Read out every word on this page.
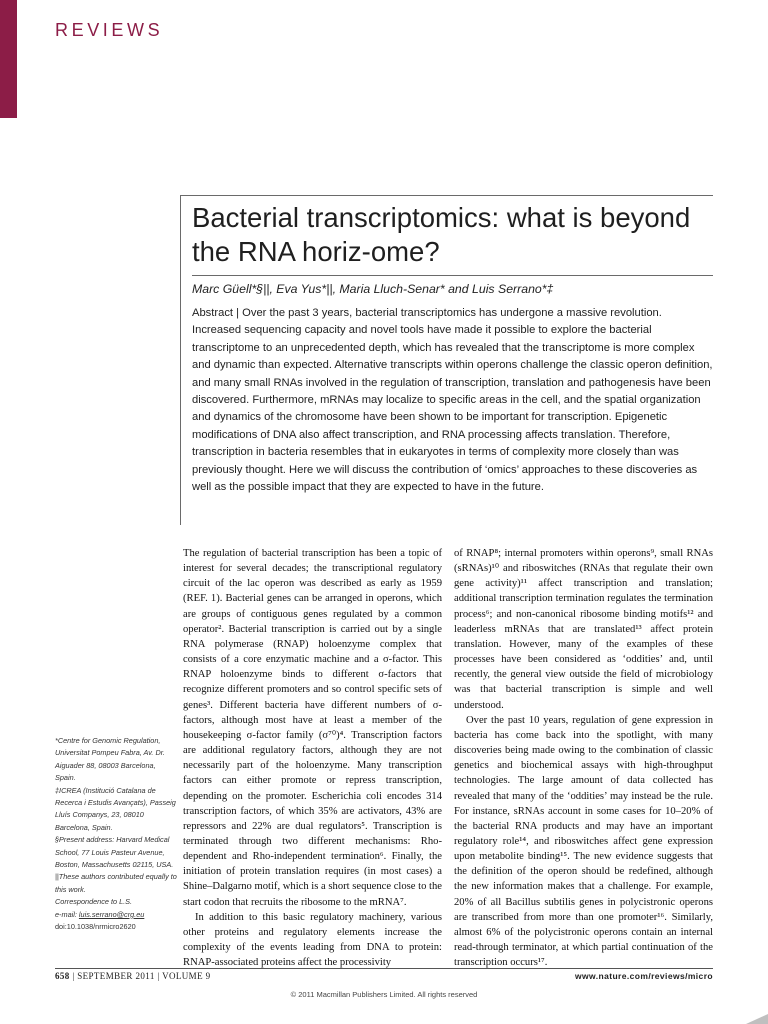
REVIEWS
Bacterial transcriptomics: what is beyond the RNA horiz-ome?
Marc Güell*§||, Eva Yus*||, Maria Lluch-Senar* and Luis Serrano*‡
Abstract | Over the past 3 years, bacterial transcriptomics has undergone a massive revolution. Increased sequencing capacity and novel tools have made it possible to explore the bacterial transcriptome to an unprecedented depth, which has revealed that the transcriptome is more complex and dynamic than expected. Alternative transcripts within operons challenge the classic operon definition, and many small RNAs involved in the regulation of transcription, translation and pathogenesis have been discovered. Furthermore, mRNAs may localize to specific areas in the cell, and the spatial organization and dynamics of the chromosome have been shown to be important for transcription. Epigenetic modifications of DNA also affect transcription, and RNA processing affects translation. Therefore, transcription in bacteria resembles that in eukaryotes in terms of complexity more closely than was previously thought. Here we will discuss the contribution of ‘omics’ approaches to these discoveries as well as the possible impact that they are expected to have in the future.
*Centre for Genomic Regulation, Universitat Pompeu Fabra, Av. Dr. Aiguader 88, 08003 Barcelona, Spain.
‡ICREA (Institució Catalana de Recerca i Estudis Avançats), Passeig Lluís Companys, 23, 08010 Barcelona, Spain.
§Present address: Harvard Medical School, 77 Louis Pasteur Avenue, Boston, Massachusetts 02115, USA.
||These authors contributed equally to this work.
Correspondence to L.S.
e-mail: luis.serrano@crg.eu
doi:10.1038/nrmicro2620

The regulation of bacterial transcription has been a topic of interest for several decades; the transcriptional regulatory circuit of the lac operon was described as early as 1959 (REF. 1). Bacterial genes can be arranged in operons, which are groups of contiguous genes regulated by a common operator². Bacterial transcription is carried out by a single RNA polymerase (RNAP) holoenzyme complex that consists of a core enzymatic machine and a σ-factor. This RNAP holoenzyme binds to different σ-factors that recognize different promoters and so control specific sets of genes³. Different bacteria have different numbers of σ-factors, although most have at least a member of the housekeeping σ-factor family (σ⁷⁰)⁴. Transcription factors are additional regulatory factors, although they are not necessarily part of the holoenzyme. Many transcription factors can either promote or repress transcription, depending on the promoter. Escherichia coli encodes 314 transcription factors, of which 35% are activators, 43% are repressors and 22% are dual regulators⁵. Transcription is terminated through two different mechanisms: Rho-dependent and Rho-independent termination⁶. Finally, the initiation of protein translation requires (in most cases) a Shine–Dalgarno motif, which is a short sequence close to the start codon that recruits the ribosome to the mRNA⁷.

In addition to this basic regulatory machinery, various other proteins and regulatory elements increase the complexity of the events leading from DNA to protein: RNAP-associated proteins affect the processivity

of RNAP⁸; internal promoters within operons⁹, small RNAs (sRNAs)¹⁰ and riboswitches (RNAs that regulate their own gene activity)¹¹ affect transcription and translation; additional transcription termination regulates the termination process⁶; and non-canonical ribosome binding motifs¹² and leaderless mRNAs that are translated¹³ affect protein translation. However, many of the examples of these processes have been considered as ‘oddities’ and, until recently, the general view outside the field of microbiology was that bacterial transcription is simple and well understood.

Over the past 10 years, regulation of gene expression in bacteria has come back into the spotlight, with many discoveries being made owing to the combination of classic genetics and biochemical assays with high-throughput technologies. The large amount of data collected has revealed that many of the ‘oddities’ may instead be the rule. For instance, sRNAs account in some cases for 10–20% of the bacterial RNA products and may have an important regulatory role¹⁴, and riboswitches affect gene expression upon metabolite binding¹⁵. The new evidence suggests that the definition of the operon should be redefined, although the new information makes that a challenge. For example, 20% of all Bacillus subtilis genes in polycistronic operons are transcribed from more than one promoter¹⁶. Similarly, almost 6% of the polycistronic operons contain an internal read-through terminator, at which partial continuation of the transcription occurs¹⁷.

658 | SEPTEMBER 2011 | VOLUME 9	www.nature.com/reviews/micro
© 2011 Macmillan Publishers Limited. All rights reserved
